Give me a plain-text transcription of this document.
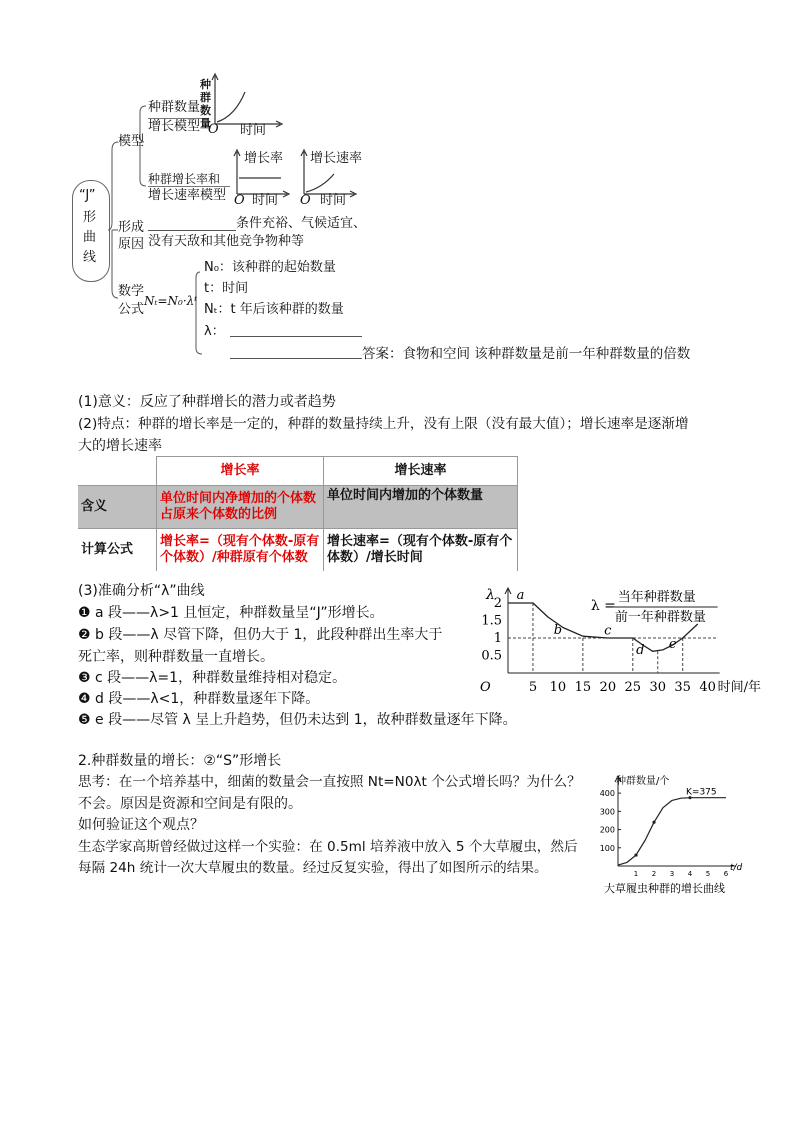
“J”
形
曲
线
模型
种群数量
增长模型
种群数量
O 时间
种群增长率和
增长速率模型
增长率
O 时间
增长速率
O 时间
形成
原因
条件充裕、气候适宜、
没有天敌和其他竞争物种等
数学
公式
Nₜ=N₀·λᵗ
N₀：该种群的起始数量
t：时间
Nₜ：t 年后该种群的数量
λ：
答案：食物和空间 该种群数量是前一年种群数量的倍数
(1)意义：反应了种群增长的潜力或者趋势
(2)特点：种群的增长率是一定的，种群的数量持续上升，没有上限（没有最大值）；增长速率是逐渐增
大的增长速率
	增长率	增长速率
含义	单位时间内净增加的个体数占原来个体数的比例	单位时间内增加的个体数量
计算公式	增长率=（现有个体数-原有个体数）/种群原有个体数	增长速率=（现有个体数-原有个体数）/增长时间
(3)准确分析“λ”曲线
❶ a 段——λ>1 且恒定，种群数量呈“J”形增长。
❷ b 段——λ 尽管下降，但仍大于 1，此段种群出生率大于
死亡率，则种群数量一直增长。
❸ c 段——λ=1，种群数量维持相对稳定。
❹ d 段——λ<1，种群数量逐年下降。
❺ e 段——尽管 λ 呈上升趋势，但仍未达到 1，故种群数量逐年下降。
λ
时间/年
O	5 10 15 20 25 30 35 40
0.5
1
1.5
2
a
b	c
d e
λ =
当年种群数量
前一年种群数量
2.种群数量的增长：②“S”形增长
思考：在一个培养基中，细菌的数量会一直按照 Nt=N0λt 个公式增长吗？为什么？
不会。原因是资源和空间是有限的。
如何验证这个观点？
生态学家高斯曾经做过这样一个实验：在 0.5ml 培养液中放入 5 个大草履虫，然后
每隔 24h 统计一次大草履虫的数量。经过反复实验，得出了如图所示的结果。
种群数量/个
t/d
1 2 3 4 5 6
100
200
300
400	K=375
大草履虫种群的增长曲线
